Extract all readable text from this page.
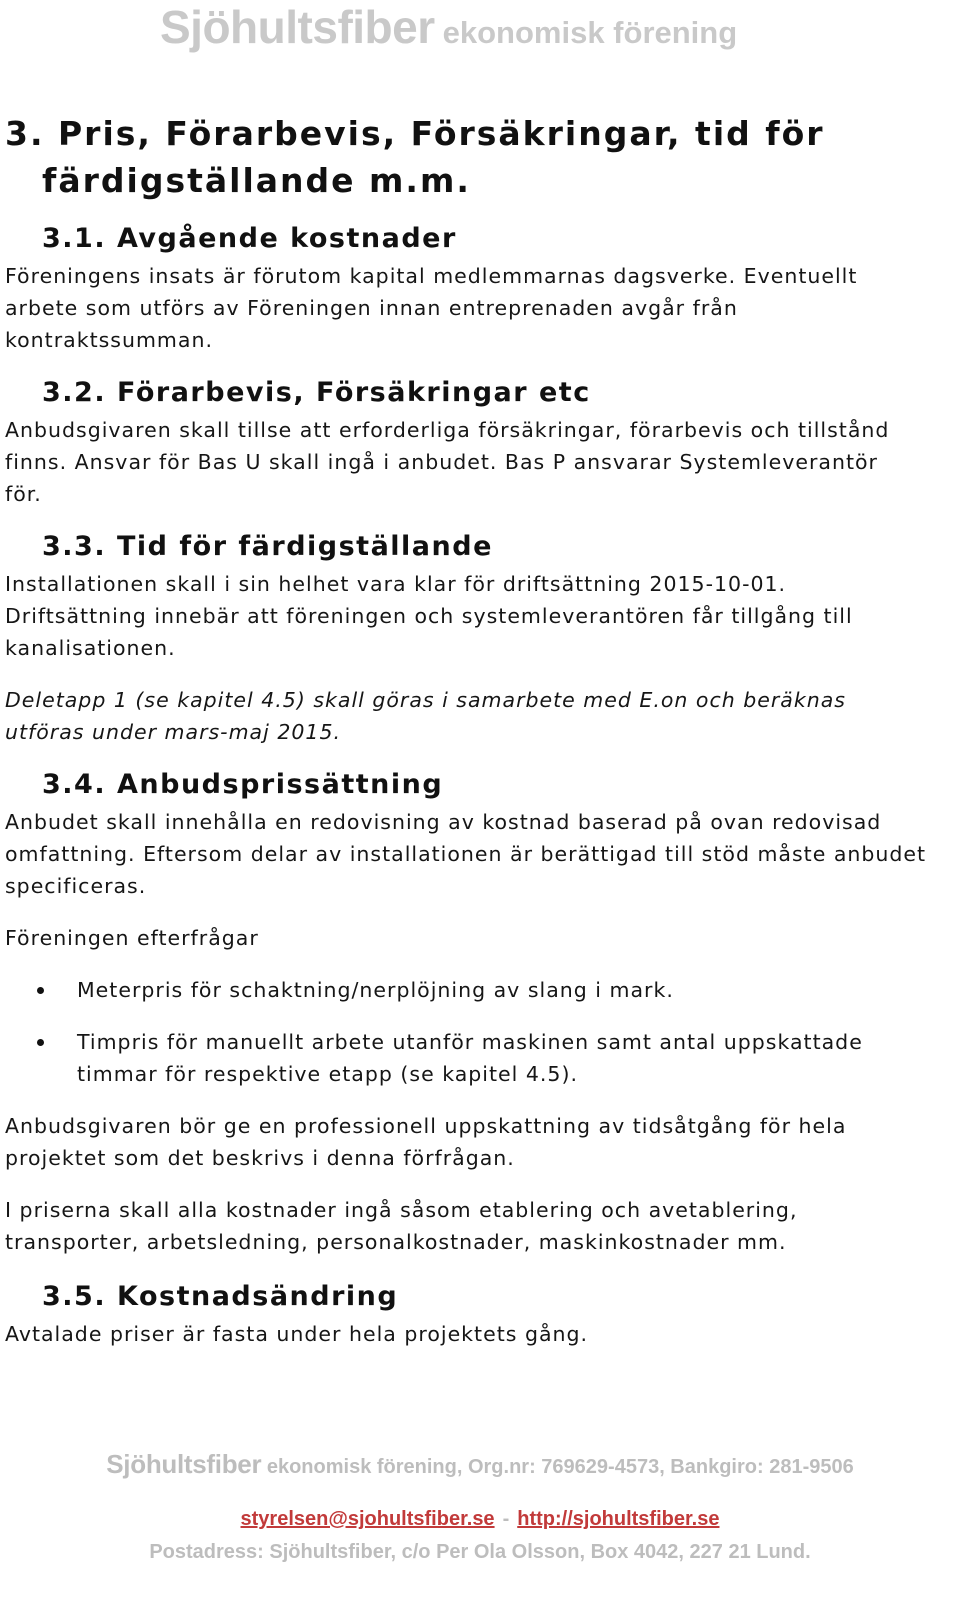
Sjöhultsfiber ekonomisk förening
3. Pris, Förarbevis, Försäkringar, tid för
färdigställande m.m.
3.1. Avgående kostnader

Föreningens insats är förutom kapital medlemmarnas dagsverke. Eventuellt
arbete som utförs av Föreningen innan entreprenaden avgår från
kontraktssumman.

3.2. Förarbevis, Försäkringar etc

Anbudsgivaren skall tillse att erforderliga försäkringar, förarbevis och tillstånd
finns. Ansvar för Bas U skall ingå i anbudet. Bas P ansvarar Systemleverantör
för.

3.3. Tid för färdigställande

Installationen skall i sin helhet vara klar för driftsättning 2015-10-01.
Driftsättning innebär att föreningen och systemleverantören får tillgång till
kanalisationen.

Deletapp 1 (se kapitel 4.5) skall göras i samarbete med E.on och beräknas
utföras under mars-maj 2015.

3.4. Anbudsprissättning

Anbudet skall innehålla en redovisning av kostnad baserad på ovan redovisad
omfattning. Eftersom delar av installationen är berättigad till stöd måste anbudet
specificeras.

Föreningen efterfrågar

Meterpris för schaktning/nerplöjning av slang i mark.
Timpris för manuellt arbete utanför maskinen samt antal uppskattade
timmar för respektive etapp (se kapitel 4.5).

Anbudsgivaren bör ge en professionell uppskattning av tidsåtgång för hela
projektet som det beskrivs i denna förfrågan.

I priserna skall alla kostnader ingå såsom etablering och avetablering,
transporter, arbetsledning, personalkostnader, maskinkostnader mm.

3.5. Kostnadsändring

Avtalade priser är fasta under hela projektets gång.

Sjöhultsfiber ekonomisk förening, Org.nr: 769629-4573, Bankgiro: 281-9506
styrelsen@sjohultsfiber.se - http://sjohultsfiber.se
Postadress: Sjöhultsfiber, c/o Per Ola Olsson, Box 4042, 227 21 Lund.
